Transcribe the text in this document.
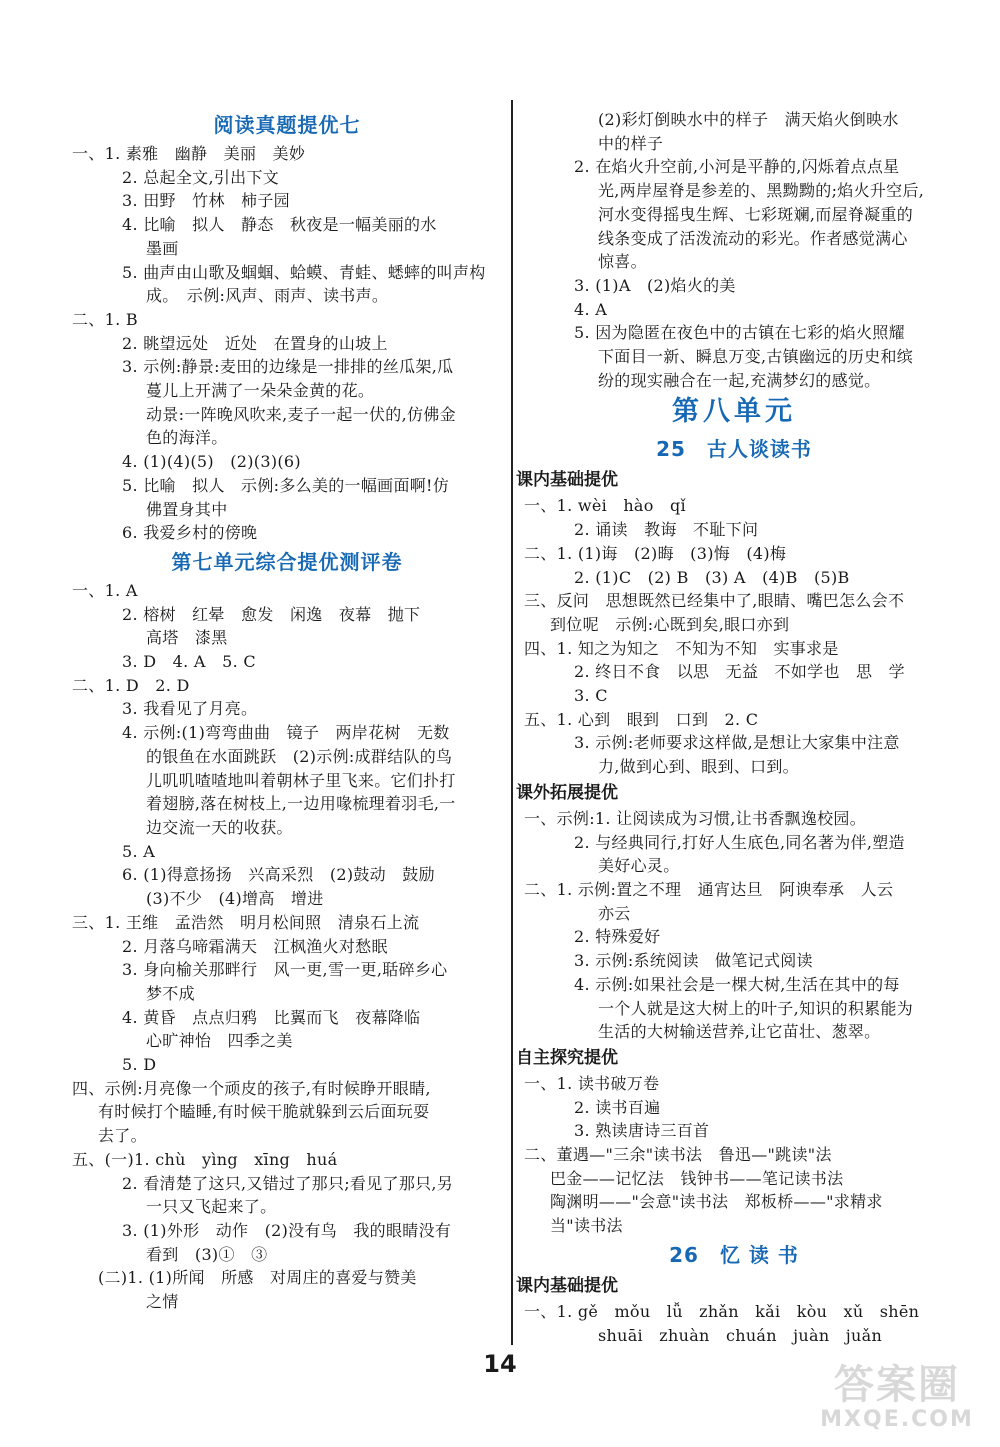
阅读真题提优七
一、1. 素雅　幽静　美丽　美妙
2. 总起全文,引出下文
3. 田野　竹林　柿子园
4. 比喻　拟人　静态　秋夜是一幅美丽的水
墨画
5. 曲声由山歌及蝈蝈、蛤蟆、青蛙、蟋蟀的叫声构
成。　示例:风声、雨声、读书声。
二、1. B
2. 眺望远处　近处　在置身的山坡上
3. 示例:静景:麦田的边缘是一排排的丝瓜架,瓜
蔓儿上开满了一朵朵金黄的花。
动景:一阵晚风吹来,麦子一起一伏的,仿佛金
色的海洋。
4. (1)(4)(5)　(2)(3)(6)
5. 比喻　拟人　示例:多么美的一幅画面啊!仿
佛置身其中
6. 我爱乡村的傍晚
第七单元综合提优测评卷
一、1. A
2. 榕树　红晕　愈发　闲逸　夜幕　抛下
高塔　漆黑
3. D　4. A　5. C
二、1. D　2. D
3. 我看见了月亮。
4. 示例:(1)弯弯曲曲　镜子　两岸花树　无数
的银鱼在水面跳跃　(2)示例:成群结队的鸟
儿叽叽喳喳地叫着朝林子里飞来。它们扑打
着翅膀,落在树枝上,一边用喙梳理着羽毛,一
边交流一天的收获。
5. A
6. (1)得意扬扬　兴高采烈　(2)鼓动　鼓励
(3)不少　(4)增高　增进
三、1. 王维　孟浩然　明月松间照　清泉石上流
2. 月落乌啼霜满天　江枫渔火对愁眠
3. 身向榆关那畔行　风一更,雪一更,聒碎乡心
梦不成
4. 黄昏　点点归鸦　比翼而飞　夜幕降临
心旷神怡　四季之美
5. D
四、示例:月亮像一个顽皮的孩子,有时候睁开眼睛,
有时候打个瞌睡,有时候干脆就躲到云后面玩耍
去了。
五、(一)1. chù　yìng　xīng　huá
2. 看清楚了这只,又错过了那只;看见了那只,另
一只又飞起来了。
3. (1)外形　动作　(2)没有鸟　我的眼睛没有
看到　(3)①　③
(二)1. (1)所闻　所感　对周庄的喜爱与赞美
之情
(2)彩灯倒映水中的样子　满天焰火倒映水
中的样子
2. 在焰火升空前,小河是平静的,闪烁着点点星
光,两岸屋脊是参差的、黑黝黝的;焰火升空后,
河水变得摇曳生辉、七彩斑斓,而屋脊凝重的
线条变成了活泼流动的彩光。作者感觉满心
惊喜。
3. (1)A　(2)焰火的美
4. A
5. 因为隐匿在夜色中的古镇在七彩的焰火照耀
下面目一新、瞬息万变,古镇幽远的历史和缤
纷的现实融合在一起,充满梦幻的感觉。
第八单元
25　古人谈读书
课内基础提优
一、1. wèi　hào　qǐ
2. 诵读　教诲　不耻下问
二、1. (1)诲　(2)晦　(3)悔　(4)梅
2. (1)C　(2) B　(3) A　(4)B　(5)B
三、反问　思想既然已经集中了,眼睛、嘴巴怎么会不
到位呢　示例:心既到矣,眼口亦到
四、1. 知之为知之　不知为不知　实事求是
2. 终日不食　以思　无益　不如学也　思　学
3. C
五、1. 心到　眼到　口到　2. C
3. 示例:老师要求这样做,是想让大家集中注意
力,做到心到、眼到、口到。
课外拓展提优
一、示例:1. 让阅读成为习惯,让书香飘逸校园。
2. 与经典同行,打好人生底色,同名著为伴,塑造
美好心灵。
二、1. 示例:置之不理　通宵达旦　阿谀奉承　人云
亦云
2. 特殊爱好
3. 示例:系统阅读　做笔记式阅读
4. 示例:如果社会是一棵大树,生活在其中的每
一个人就是这大树上的叶子,知识的积累能为
生活的大树输送营养,让它苗壮、葱翠。
自主探究提优
一、1. 读书破万卷
2. 读书百遍
3. 熟读唐诗三百首
二、董遇—"三余"读书法　鲁迅—"跳读"法
巴金——记忆法　钱钟书——笔记读书法
陶渊明——"会意"读书法　郑板桥——"求精求
当"读书法
26　忆 读 书
课内基础提优
一、1. gě　mǒu　lǚ　zhǎn　kǎi　kòu　xǔ　shēn
shuāi　zhuàn　chuán　juàn　juǎn
14	答案圈
MXQE.COM
